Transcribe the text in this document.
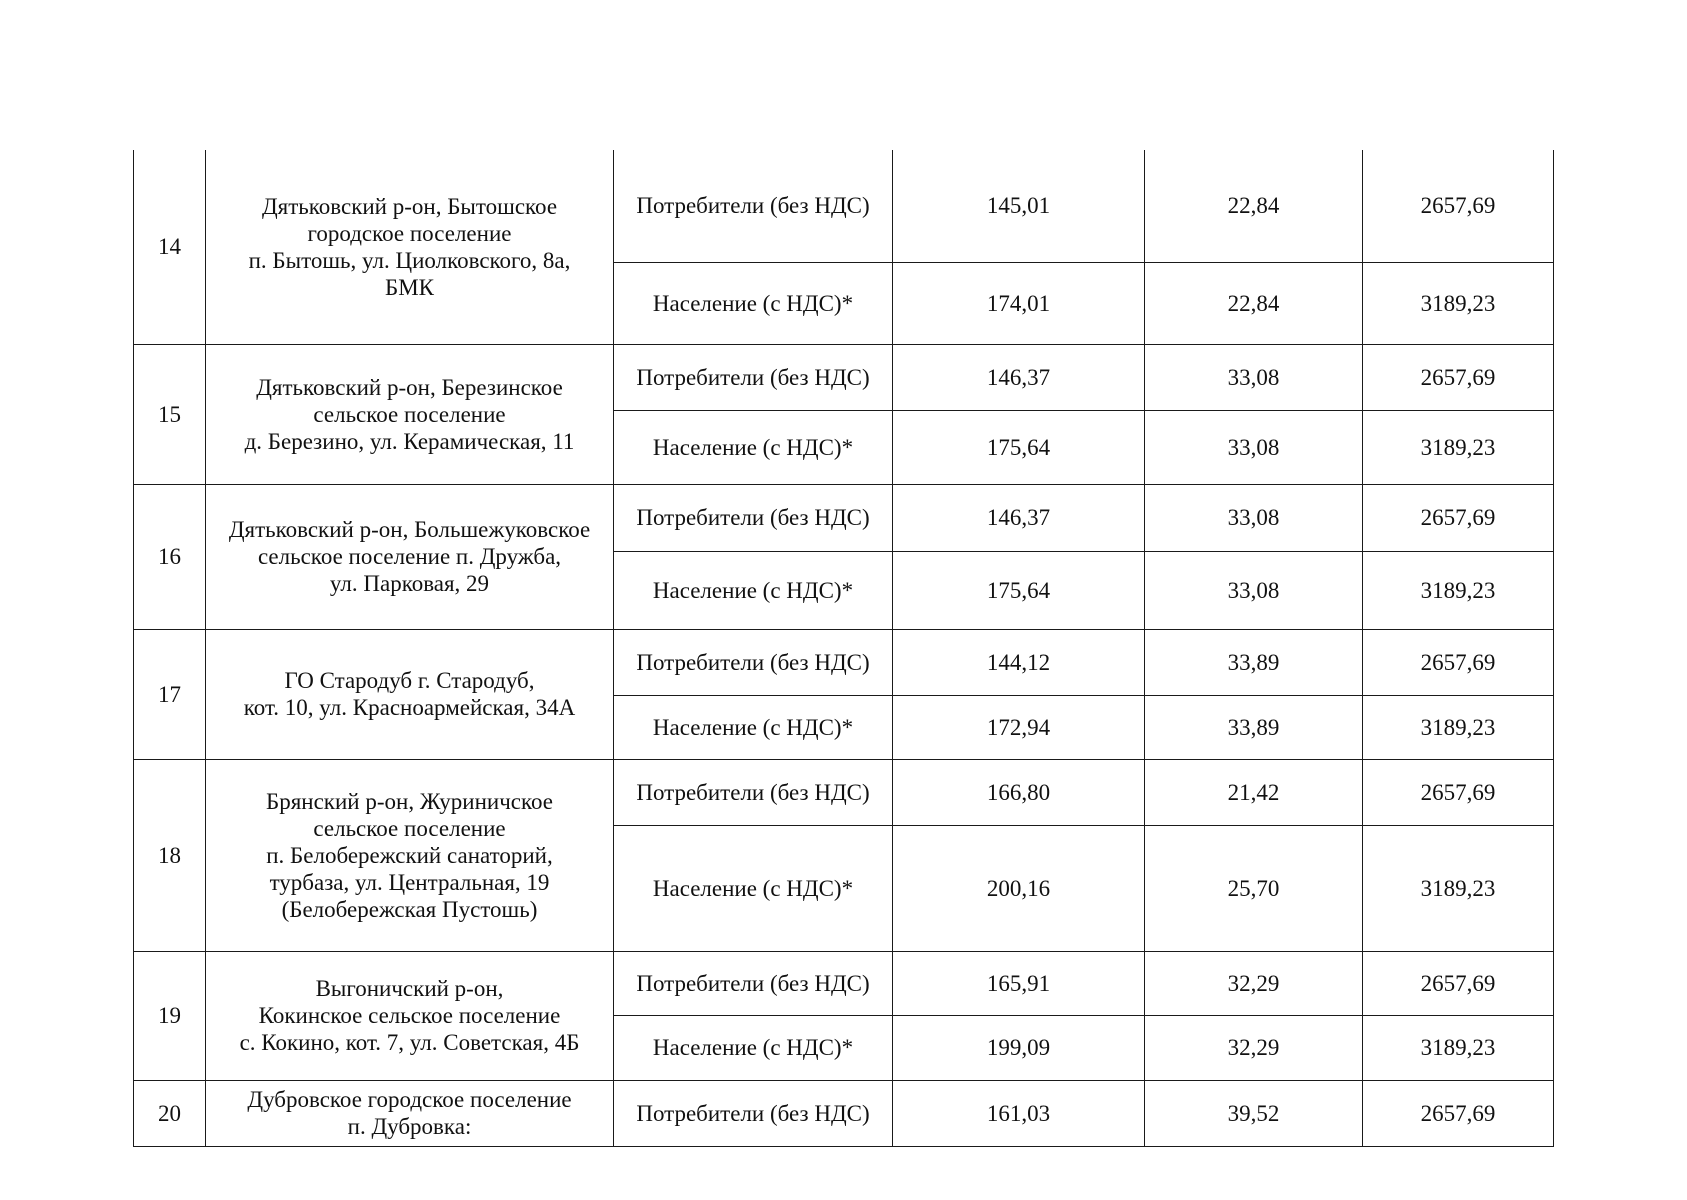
14	Дятьковский р-он, Бытошское
городское поселение
п. Бытошь, ул. Циолковского, 8а,
БМК	Потребители (без НДС)	145,01	22,84	2657,69
		Население (с НДС)*	174,01	22,84	3189,23
15	Дятьковский р-он, Березинское
сельское поселение
д. Березино, ул. Керамическая, 11	Потребители (без НДС)	146,37	33,08	2657,69
		Население (с НДС)*	175,64	33,08	3189,23
16	Дятьковский р-он, Большежуковское
сельское поселение п. Дружба,
ул. Парковая, 29	Потребители (без НДС)	146,37	33,08	2657,69
		Население (с НДС)*	175,64	33,08	3189,23
17	ГО Стародуб г. Стародуб,
кот. 10, ул. Красноармейская, 34А	Потребители (без НДС)	144,12	33,89	2657,69
		Население (с НДС)*	172,94	33,89	3189,23
18	Брянский р-он, Журиничское
сельское поселение
п. Белобережский санаторий,
турбаза, ул. Центральная, 19
(Белобережская Пустошь)	Потребители (без НДС)	166,80	21,42	2657,69
		Население (с НДС)*	200,16	25,70	3189,23
19	Выгоничский р-он,
Кокинское сельское поселение
с. Кокино, кот. 7, ул. Советская, 4Б	Потребители (без НДС)	165,91	32,29	2657,69
		Население (с НДС)*	199,09	32,29	3189,23
20	Дубровское городское поселение
п. Дубровка:	Потребители (без НДС)	161,03	39,52	2657,69
